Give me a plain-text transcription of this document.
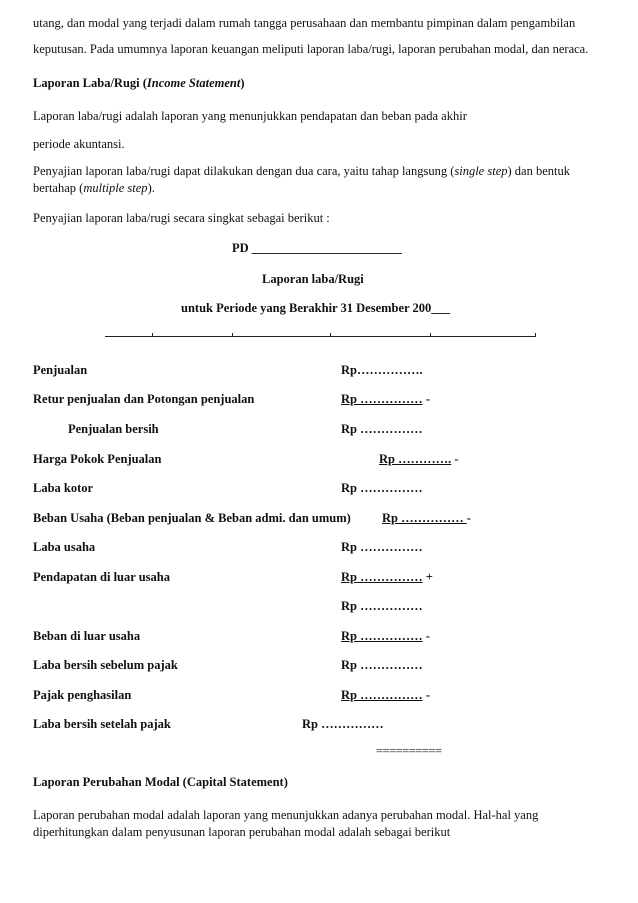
utang, dan modal yang terjadi dalam rumah tangga perusahaan dan membantu pimpinan dalam pengambilan
keputusan. Pada umumnya laporan keuangan meliputi laporan laba/rugi, laporan perubahan modal, dan neraca.
Laporan Laba/Rugi (Income Statement)
Laporan laba/rugi adalah laporan yang menunjukkan pendapatan dan beban pada akhir
periode akuntansi.
Penyajian laporan laba/rugi dapat dilakukan dengan dua cara, yaitu tahap langsung (single step) dan bentuk
bertahap (multiple step).
Penyajian laporan laba/rugi secara singkat sebagai berikut :
PD ________________________
Laporan laba/Rugi
untuk Periode yang Berakhir 31 Desember 200___
Penjualan	Rp…………….
Retur penjualan dan Potongan penjualan	Rp …………… -
Penjualan bersih	Rp ……………
Harga Pokok Penjualan	Rp …………. -
Laba kotor	Rp ……………
Beban Usaha (Beban penjualan & Beban admi. dan umum) Rp …………… -
Laba usaha	Rp ……………
Pendapatan di luar usaha	Rp …………… +
Rp ……………
Beban di luar usaha	Rp …………… -
Laba bersih sebelum pajak	Rp ……………
Pajak penghasilan	Rp …………… -
Laba bersih setelah pajak	Rp ……………
==========
Laporan Perubahan Modal (Capital Statement)
Laporan perubahan modal adalah laporan yang menunjukkan adanya perubahan modal. Hal-hal yang
diperhitungkan dalam penyusunan laporan perubahan modal adalah sebagai berikut
